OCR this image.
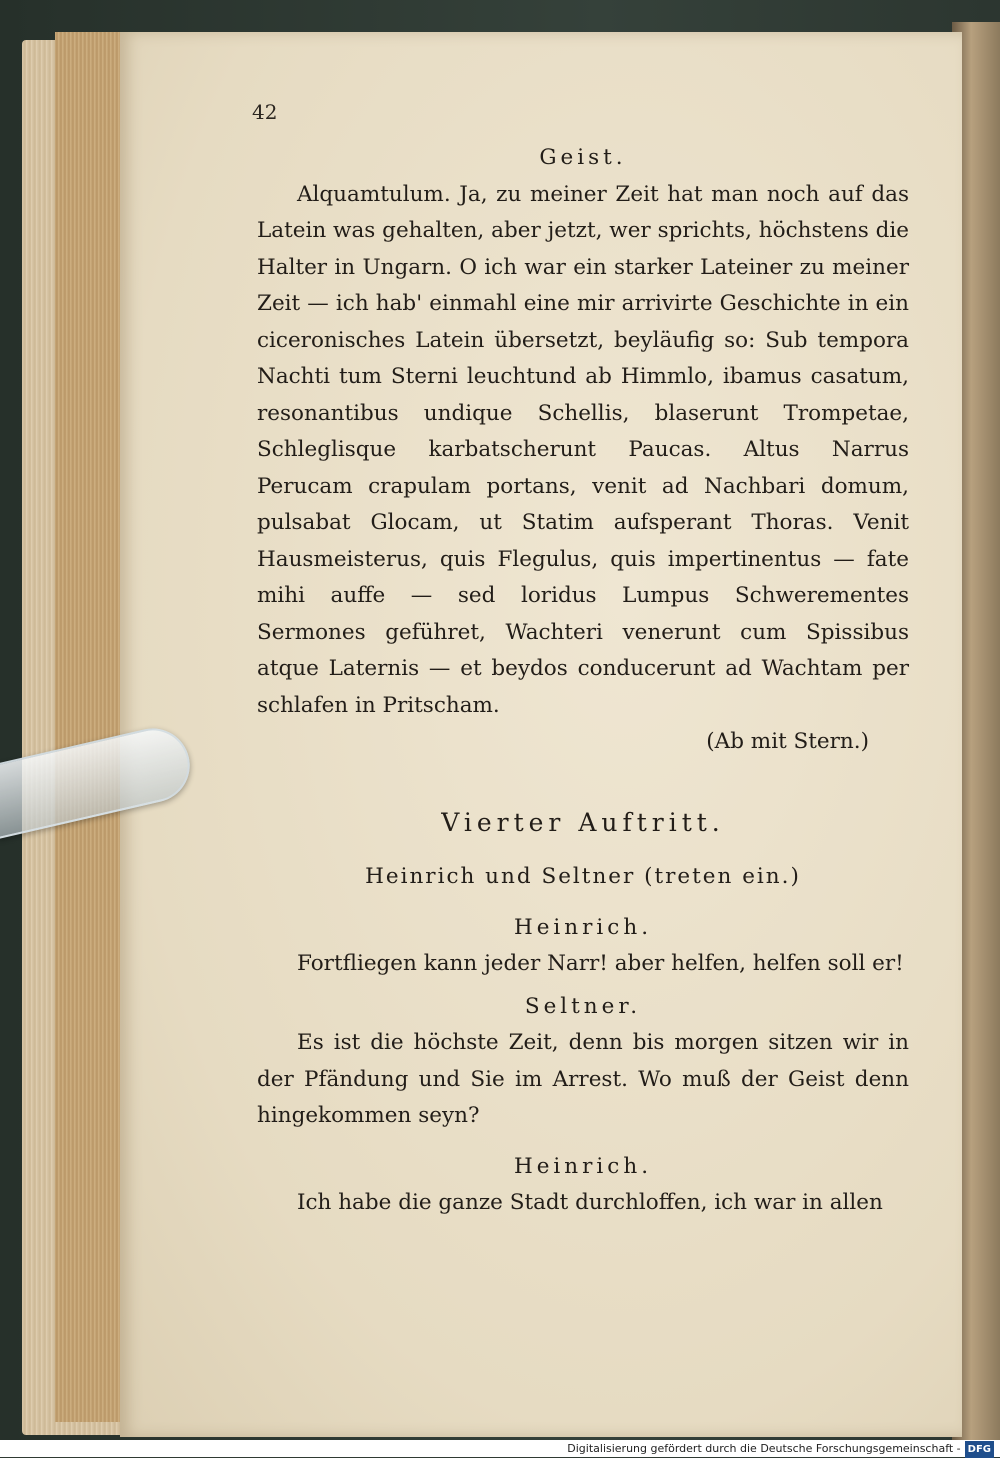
42
Geist.

Alquamtulum. Ja, zu meiner Zeit hat man noch auf das Latein was gehalten, aber jetzt, wer sprichts, höchstens die Halter in Ungarn. O ich war ein starker Lateiner zu meiner Zeit — ich hab' einmahl eine mir arrivirte Geschichte in ein ciceronisches Latein übersetzt, beyläufig so: Sub tempora Nachti tum Sterni leuchtund ab Himmlo, ibamus casatum, resonantibus undique Schellis, blaserunt Trompetae, Schleglisque karbatscherunt Paucas. Altus Narrus Perucam crapulam portans, venit ad Nachbari domum, pulsabat Glocam, ut Statim aufsperant Thoras. Venit Hausmeisterus, quis Flegulus, quis impertinentus — fate mihi auffe — sed loridus Lumpus Schwerementes Sermones geführet, Wachteri venerunt cum Spissibus atque Laternis — et beydos conducerunt ad Wachtam per schlafen in Pritscham.

(Ab mit Stern.)
Vierter Auftritt.
Heinrich und Seltner (treten ein.)
Heinrich.

Fortfliegen kann jeder Narr! aber helfen, helfen soll er!

Seltner.

Es ist die höchste Zeit, denn bis morgen sitzen wir in der Pfändung und Sie im Arrest. Wo muß der Geist denn hingekommen seyn?

Heinrich.

Ich habe die ganze Stadt durchloffen, ich war in allen

Digitalisierung gefördert durch die Deutsche Forschungsgemeinschaft - DFG
